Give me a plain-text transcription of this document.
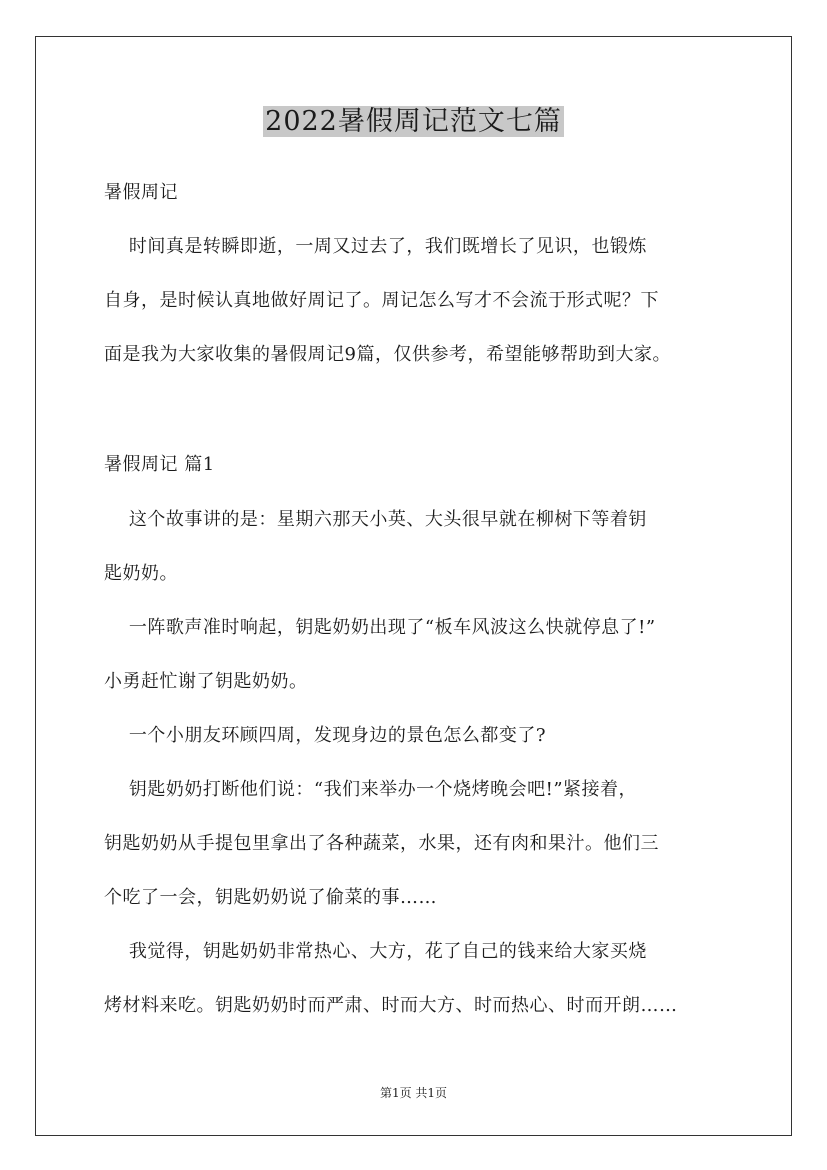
2022暑假周记范文七篇
暑假周记
时间真是转瞬即逝，一周又过去了，我们既增长了见识，也锻炼
自身，是时候认真地做好周记了。周记怎么写才不会流于形式呢？下
面是我为大家收集的暑假周记9篇，仅供参考，希望能够帮助到大家。
暑假周记 篇1
这个故事讲的是：星期六那天小英、大头很早就在柳树下等着钥
匙奶奶。
一阵歌声准时响起，钥匙奶奶出现了“板车风波这么快就停息了!”
小勇赶忙谢了钥匙奶奶。
一个小朋友环顾四周，发现身边的景色怎么都变了?
钥匙奶奶打断他们说：“我们来举办一个烧烤晚会吧!”紧接着，
钥匙奶奶从手提包里拿出了各种蔬菜，水果，还有肉和果汁。他们三
个吃了一会，钥匙奶奶说了偷菜的事……
我觉得，钥匙奶奶非常热心、大方，花了自己的钱来给大家买烧
烤材料来吃。钥匙奶奶时而严肃、时而大方、时而热心、时而开朗……
第1页 共1页
